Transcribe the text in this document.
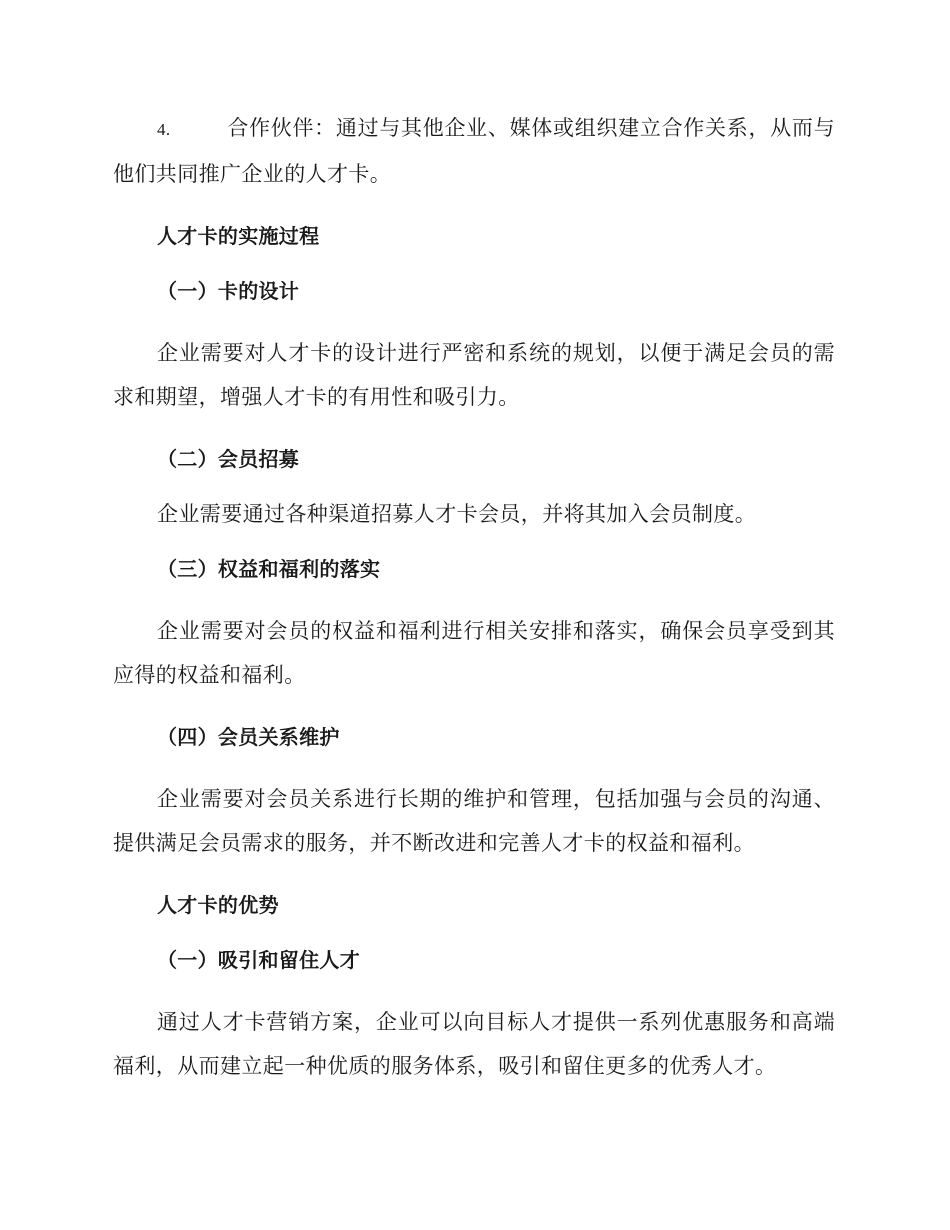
4.	合作伙伴：通过与其他企业、媒体或组织建立合作关系，从而与他们共同推广企业的人才卡。

人才卡的实施过程
（一）卡的设计

企业需要对人才卡的设计进行严密和系统的规划，以便于满足会员的需求和期望，增强人才卡的有用性和吸引力。

（二）会员招募

企业需要通过各种渠道招募人才卡会员，并将其加入会员制度。

（三）权益和福利的落实

企业需要对会员的权益和福利进行相关安排和落实，确保会员享受到其应得的权益和福利。

（四）会员关系维护

企业需要对会员关系进行长期的维护和管理，包括加强与会员的沟通、提供满足会员需求的服务，并不断改进和完善人才卡的权益和福利。

人才卡的优势
（一）吸引和留住人才

通过人才卡营销方案，企业可以向目标人才提供一系列优惠服务和高端福利，从而建立起一种优质的服务体系，吸引和留住更多的优秀人才。
